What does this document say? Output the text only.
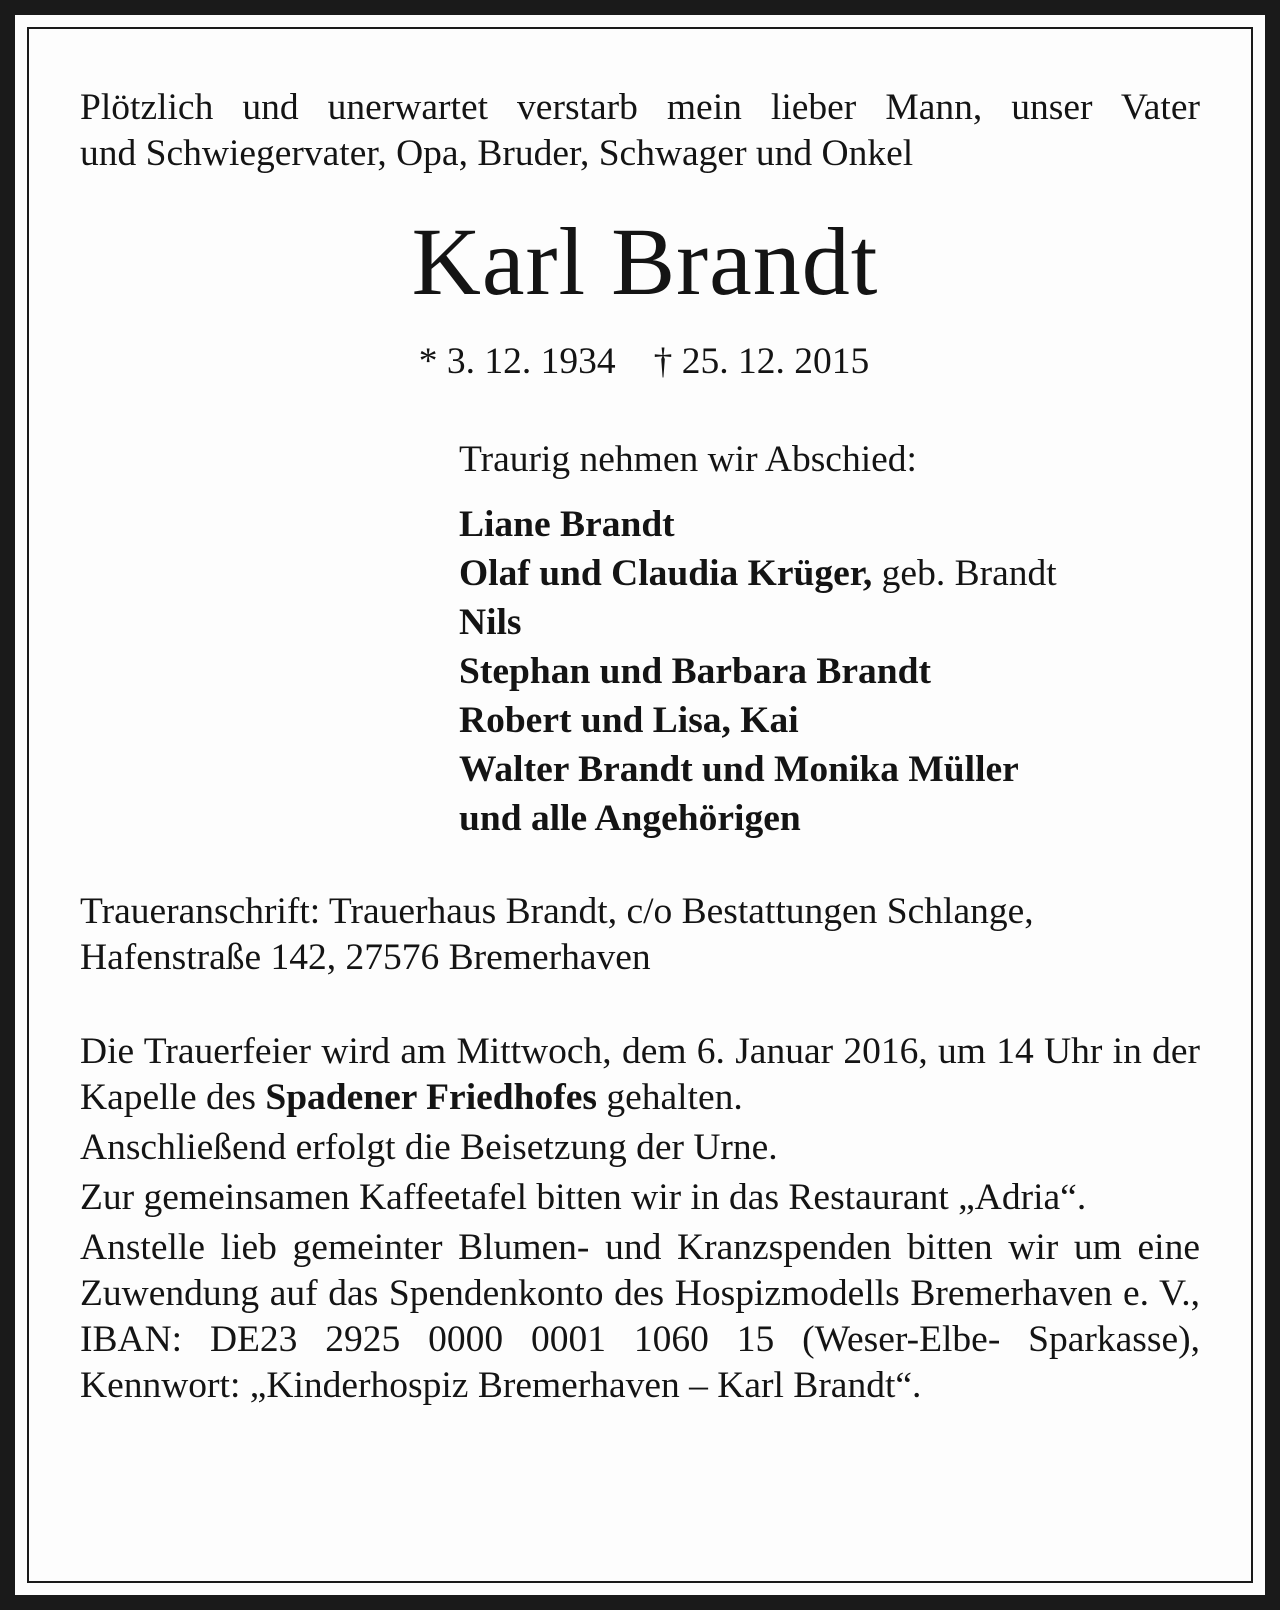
Plötzlich und unerwartet verstarb mein lieber Mann, unser Vater

und Schwiegervater, Opa, Bruder, Schwager und Onkel

Karl Brandt
* 3. 12. 1934 † 25. 12. 2015
Traurig nehmen wir Abschied:
Liane Brandt
Olaf und Claudia Krüger, geb. Brandt
Nils
Stephan und Barbara Brandt
Robert und Lisa, Kai
Walter Brandt und Monika Müller
und alle Angehörigen

Traueranschrift: Trauerhaus Brandt, c/o Bestattungen Schlange,

Hafenstraße 142, 27576 Bremerhaven

Die Trauerfeier wird am Mittwoch, dem 6. Januar 2016, um 14 Uhr in der Kapelle des Spadener Friedhofes gehalten.

Anschließend erfolgt die Beisetzung der Urne.

Zur gemeinsamen Kaffeetafel bitten wir in das Restaurant „Adria“.

Anstelle lieb gemeinter Blumen- und Kranzspenden bitten wir um eine Zuwendung auf das Spendenkonto des Hospizmodells Bremerhaven e. V., IBAN: DE23 2925 0000 0001 1060 15 (Weser-Elbe- Sparkasse), Kennwort: „Kinderhospiz Bremerhaven – Karl Brandt“.
